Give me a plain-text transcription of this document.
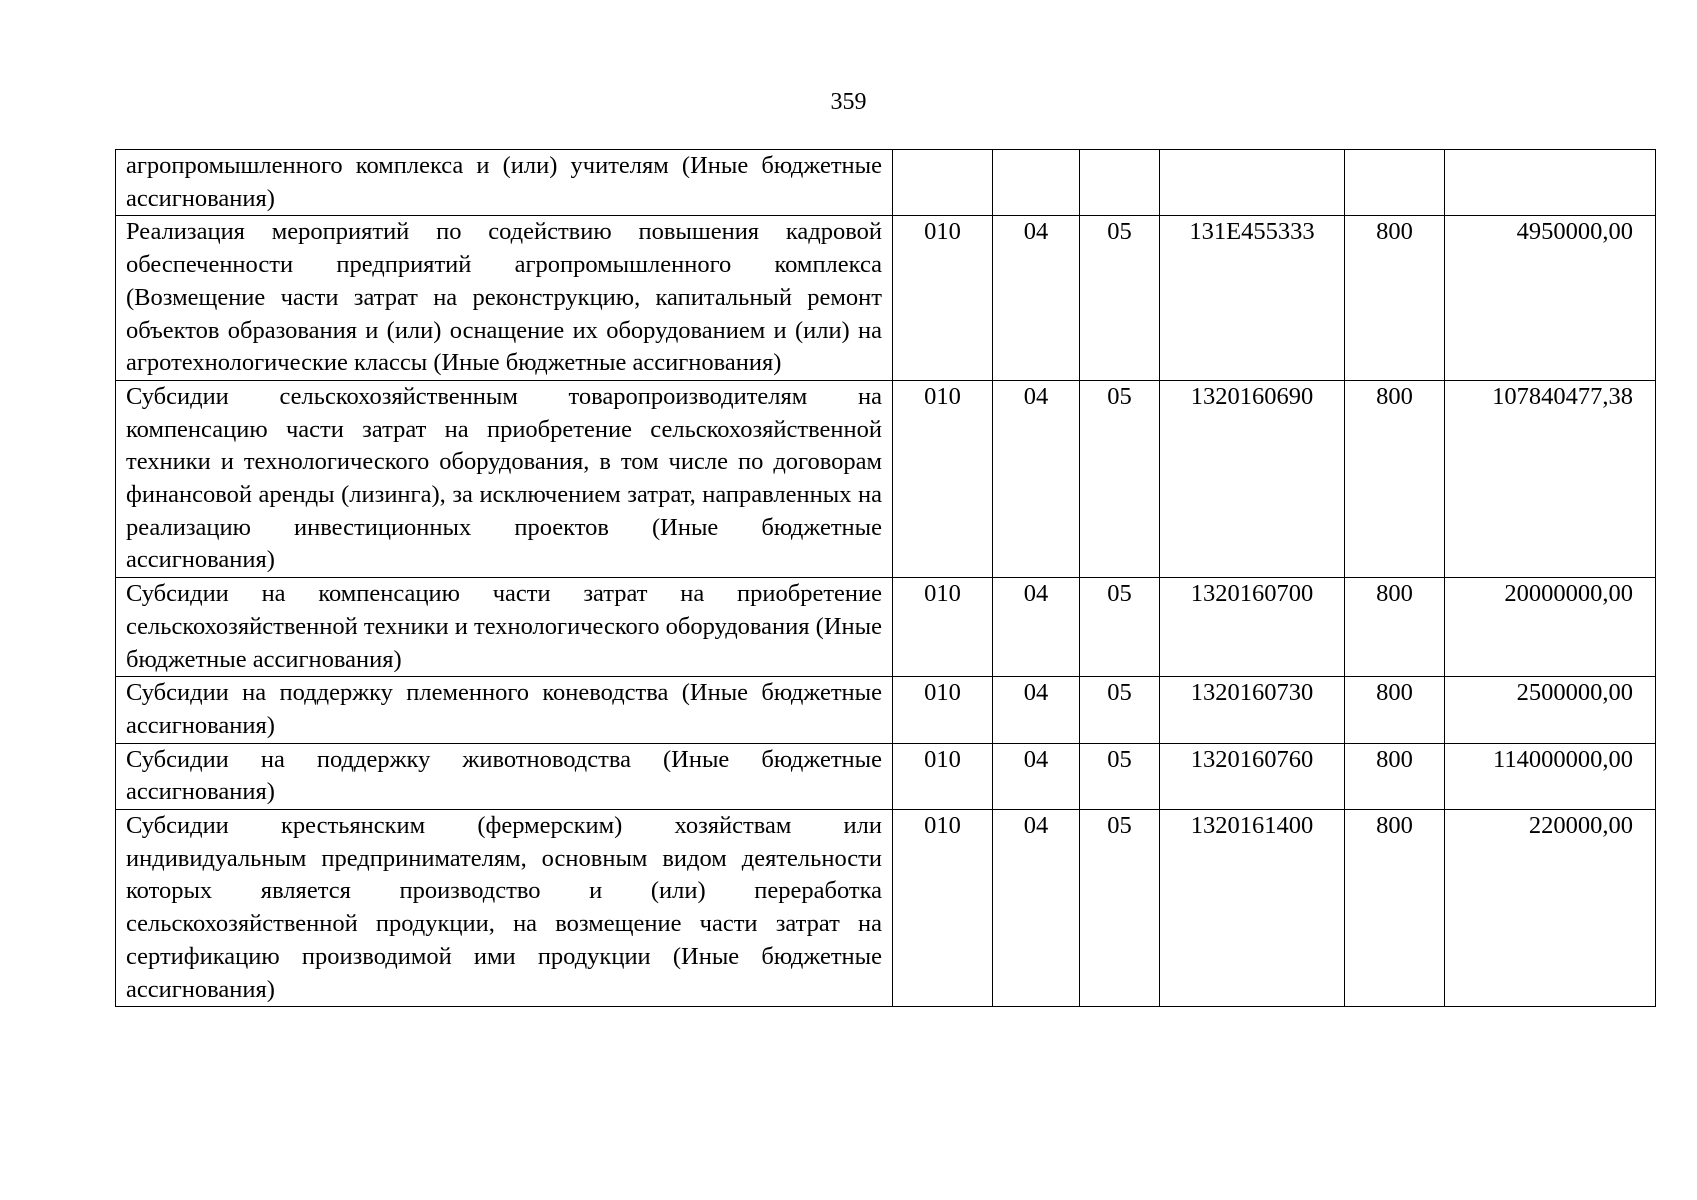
359
агропромышленного комплекса и (или) учителям (Иные бюджетные ассигнования)						
Реализация мероприятий по содействию повышения кадровой обеспеченности предприятий агропромышленного комплекса (Возмещение части затрат на реконструкцию, капитальный ремонт объектов образования и (или) оснащение их оборудованием и (или) на агротехнологические классы (Иные бюджетные ассигнования)	010	04	05	131E455333	800	4950000,00
Субсидии сельскохозяйственным товаропроизводителям на компенсацию части затрат на приобретение сельскохозяйственной техники и технологического оборудования, в том числе по договорам финансовой аренды (лизинга), за исключением затрат, направленных на реализацию инвестиционных проектов (Иные бюджетные ассигнования)	010	04	05	1320160690	800	107840477,38
Субсидии на компенсацию части затрат на приобретение сельскохозяйственной техники и технологического оборудования (Иные бюджетные ассигнования)	010	04	05	1320160700	800	20000000,00
Субсидии на поддержку племенного коневодства (Иные бюджетные ассигнования)	010	04	05	1320160730	800	2500000,00
Субсидии на поддержку животноводства (Иные бюджетные ассигнования)	010	04	05	1320160760	800	114000000,00
Субсидии крестьянским (фермерским) хозяйствам или индивидуальным предпринимателям, основным видом деятельности которых является производство и (или) переработка сельскохозяйственной продукции, на возмещение части затрат на сертификацию производимой ими продукции (Иные бюджетные ассигнования)	010	04	05	1320161400	800	220000,00
